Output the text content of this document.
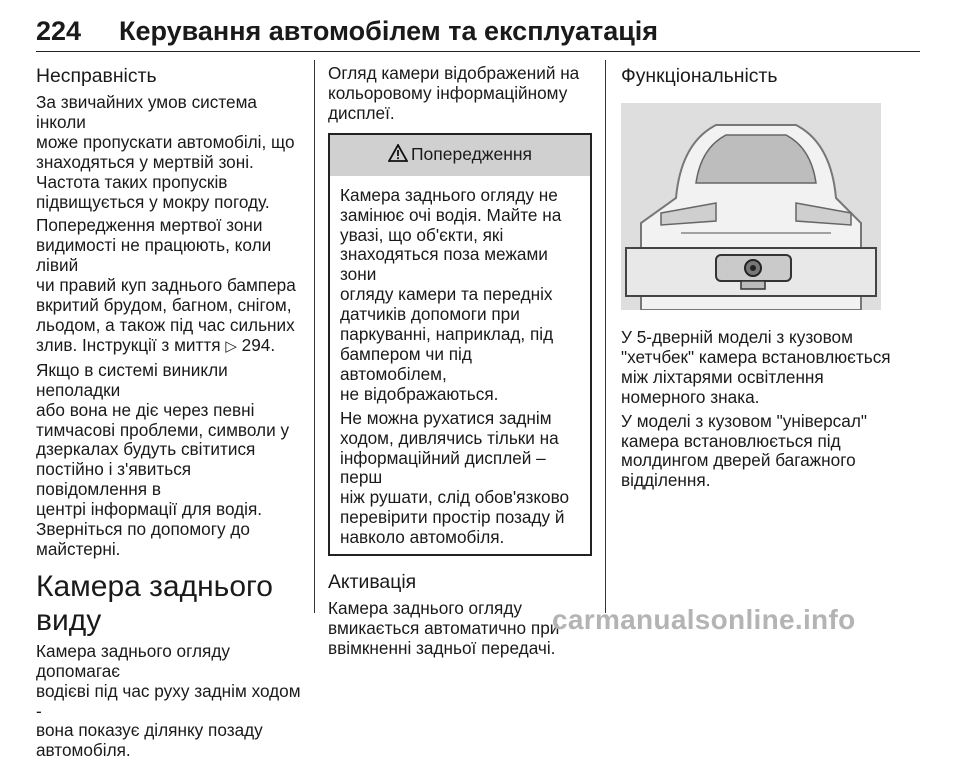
224 Керування автомобілем та експлуатація
Несправність

За звичайних умов система інколи
може пропускати автомобілі, що
знаходяться у мертвій зоні.
Частота таких пропусків
підвищується у мокру погоду.

Попередження мертвої зони
видимості не працюють, коли лівий
чи правий куп заднього бампера
вкритий брудом, багном, снігом,
льодом, а також під час сильних
злив. Інструкції з миття ▷ 294.

Якщо в системі виникли неполадки
або вона не діє через певні
тимчасові проблеми, символи у
дзеркалах будуть світитися
постійно і з'явиться повідомлення в
центрі інформації для водія.
Зверніться по допомогу до
майстерні.

Камера заднього виду

Камера заднього огляду допомагає
водієві під час руху заднім ходом -
вона показує ділянку позаду
автомобіля.

Огляд камери відображений на
кольоровому інформаційному
дисплеї.

Попередження

Камера заднього огляду не
замінює очі водія. Майте на
увазі, що об'єкти, які
знаходяться поза межами зони
огляду камери та передніх
датчиків допомоги при
паркуванні, наприклад, під
бампером чи під автомобілем,
не відображаються.

Не можна рухатися заднім
ходом, дивлячись тільки на
інформаційний дисплей – перш
ніж рушати, слід обов'язково
перевірити простір позаду й
навколо автомобіля.

Активація

Камера заднього огляду
вмикається автоматично при
ввімкненні задньої передачі.

Функціональність

У 5-дверній моделі з кузовом
"хетчбек" камера встановлюється
між ліхтарями освітлення
номерного знака.

У моделі з кузовом "універсал"
камера встановлюється під
молдингом дверей багажного
відділення.

carmanualsonline.info
